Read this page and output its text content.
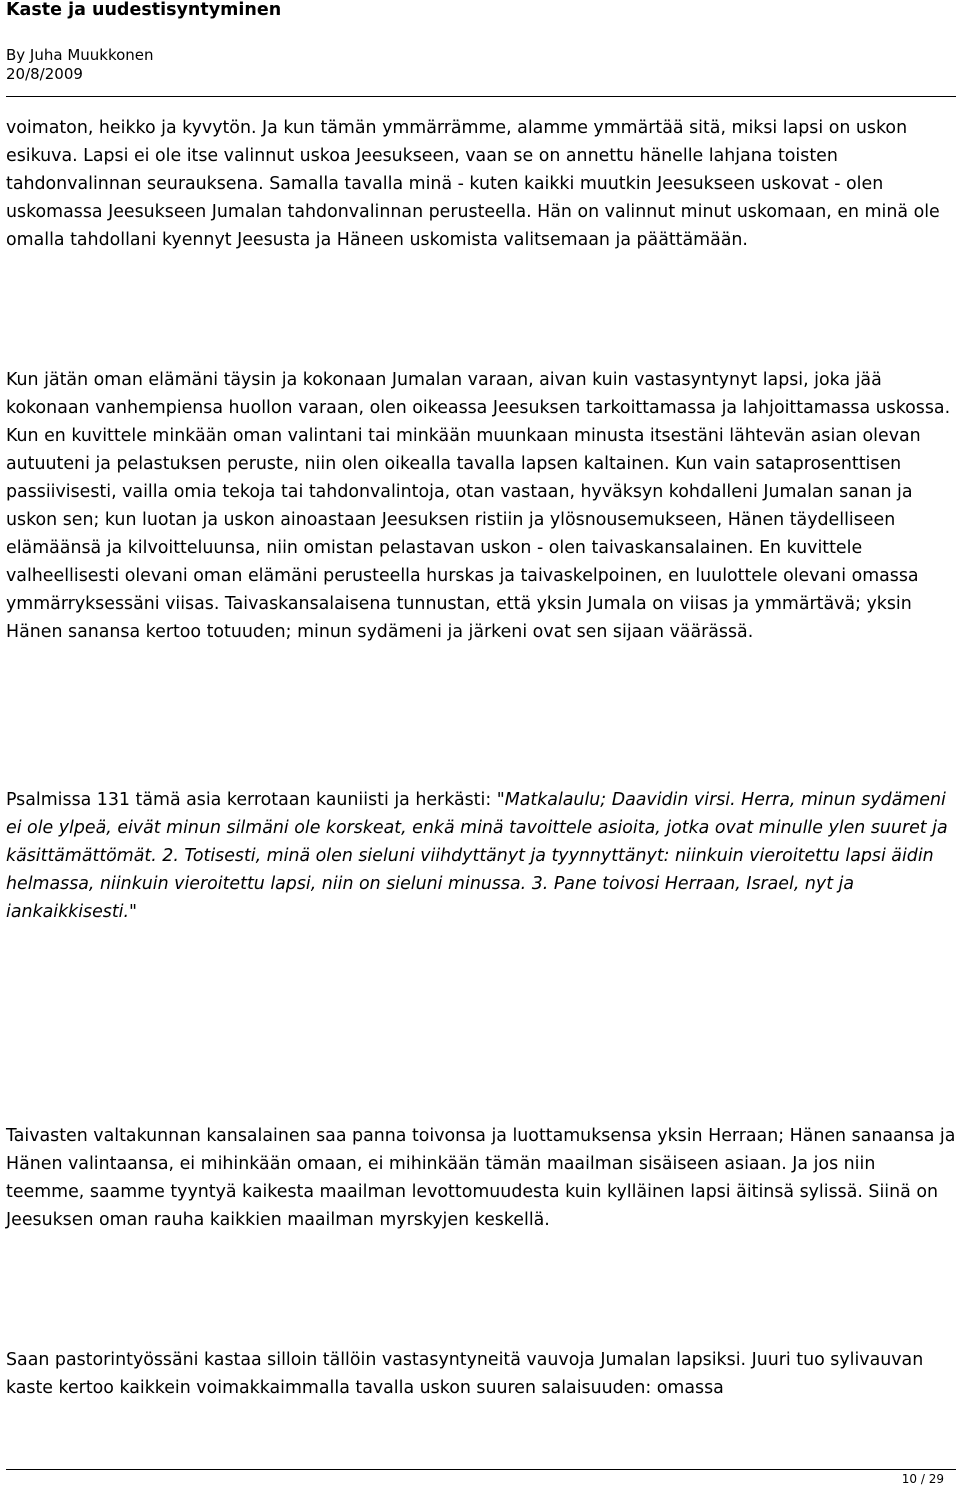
Kaste ja uudestisyntyminen
By Juha Muukkonen
20/8/2009

voimaton, heikko ja kyvytön. Ja kun tämän ymmärrämme, alamme ymmärtää sitä, miksi lapsi on uskon esikuva. Lapsi ei ole itse valinnut uskoa Jeesukseen, vaan se on annettu hänelle lahjana toisten tahdonvalinnan seurauksena. Samalla tavalla minä - kuten kaikki muutkin Jeesukseen uskovat - olen uskomassa Jeesukseen Jumalan tahdonvalinnan perusteella. Hän on valinnut minut uskomaan, en minä ole omalla tahdollani kyennyt Jeesusta ja Häneen uskomista valitsemaan ja päättämään.

Kun jätän oman elämäni täysin ja kokonaan Jumalan varaan, aivan kuin vastasyntynyt lapsi, joka jää kokonaan vanhempiensa huollon varaan, olen oikeassa Jeesuksen tarkoittamassa ja lahjoittamassa uskossa. Kun en kuvittele minkään oman valintani tai minkään muunkaan minusta itsestäni lähtevän asian olevan autuuteni ja pelastuksen peruste, niin olen oikealla tavalla lapsen kaltainen. Kun vain sataprosenttisen passiivisesti, vailla omia tekoja tai tahdonvalintoja, otan vastaan, hyväksyn kohdalleni Jumalan sanan ja uskon sen; kun luotan ja uskon ainoastaan Jeesuksen ristiin ja ylösnousemukseen, Hänen täydelliseen elämäänsä ja kilvoitteluunsa, niin omistan pelastavan uskon - olen taivaskansalainen. En kuvittele valheellisesti olevani oman elämäni perusteella hurskas ja taivaskelpoinen, en luulottele olevani omassa ymmärryksessäni viisas. Taivaskansalaisena tunnustan, että yksin Jumala on viisas ja ymmärtävä; yksin Hänen sanansa kertoo totuuden; minun sydämeni ja järkeni ovat sen sijaan väärässä.

Psalmissa 131 tämä asia kerrotaan kauniisti ja herkästi: "Matkalaulu; Daavidin virsi. Herra, minun sydämeni ei ole ylpeä, eivät minun silmäni ole korskeat, enkä minä tavoittele asioita, jotka ovat minulle ylen suuret ja käsittämättömät. 2. Totisesti, minä olen sieluni viihdyttänyt ja tyynnyttänyt: niinkuin vieroitettu lapsi äidin helmassa, niinkuin vieroitettu lapsi, niin on sieluni minussa. 3. Pane toivosi Herraan, Israel, nyt ja iankaikkisesti."

Taivasten valtakunnan kansalainen saa panna toivonsa ja luottamuksensa yksin Herraan; Hänen sanaansa ja Hänen valintaansa, ei mihinkään omaan, ei mihinkään tämän maailman sisäiseen asiaan. Ja jos niin teemme, saamme tyyntyä kaikesta maailman levottomuudesta kuin kylläinen lapsi äitinsä sylissä. Siinä on Jeesuksen oman rauha kaikkien maailman myrskyjen keskellä.

Saan pastorintyössäni kastaa silloin tällöin vastasyntyneitä vauvoja Jumalan lapsiksi. Juuri tuo sylivauvan kaste kertoo kaikkein voimakkaimmalla tavalla uskon suuren salaisuuden: omassa

10 / 29
